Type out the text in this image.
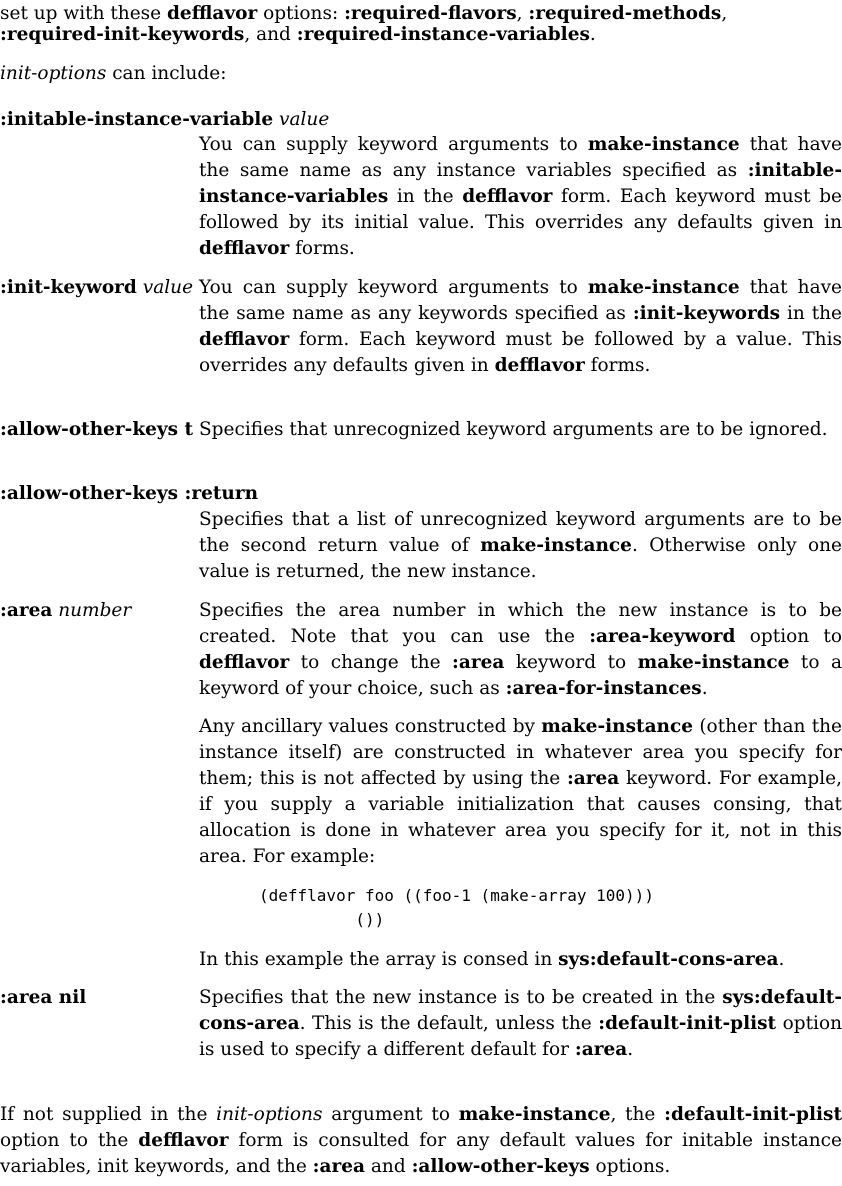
set up with these defflavor options: :required-flavors, :required-methods,

:required-init-keywords, and :required-instance-variables.

init-options can include:

:initable-instance-variable value

You can supply keyword arguments to make-instance that have the same name as any instance variables specified as :initable-instance-variables in the defflavor form. Each keyword must be followed by its initial value. This overrides any defaults given in defflavor forms.

:init-keyword value You can supply keyword arguments to make-instance that have the same name as any keywords specified as :init-keywords in the defflavor form. Each keyword must be followed by a value. This overrides any defaults given in defflavor forms.

:allow-other-keys t Specifies that unrecognized keyword arguments are to be ignored.

:allow-other-keys :return

Specifies that a list of unrecognized keyword arguments are to be the second return value of make-instance. Otherwise only one value is returned, the new instance.

:area number	Specifies the area number in which the new instance is to be created. Note that you can use the :area-keyword option to defflavor to change the :area keyword to make-instance to a keyword of your choice, such as :area-for-instances.

Any ancillary values constructed by make-instance (other than the instance itself) are constructed in whatever area you specify for them; this is not affected by using the :area keyword. For example, if you supply a variable initialization that causes consing, that allocation is done in whatever area you specify for it, not in this area. For example:

(defflavor foo ((foo-1 (make-array 100)))
())

In this example the array is consed in sys:default-cons-area.

:area nil	Specifies that the new instance is to be created in the sys:default-cons-area. This is the default, unless the :default-init-plist option is used to specify a different default for :area.

If not supplied in the init-options argument to make-instance, the :default-init-plist option to the defflavor form is consulted for any default values for initable instance variables, init keywords, and the :area and :allow-other-keys options.
